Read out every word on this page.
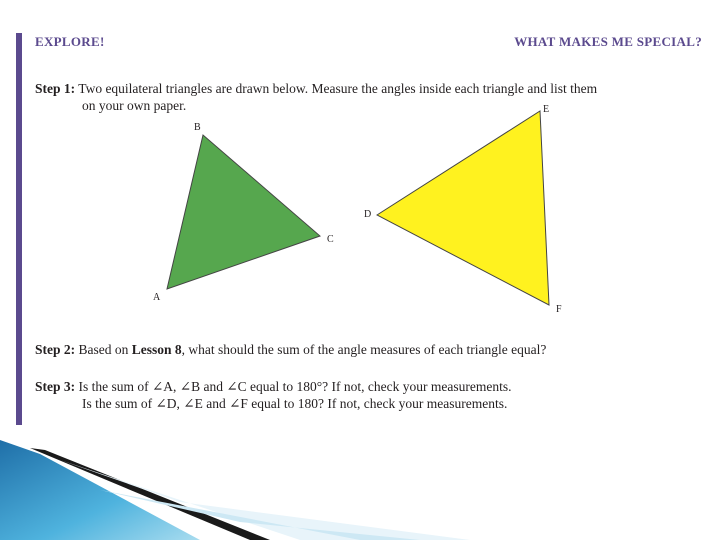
EXPLORE!	WHAT MAKES ME SPECIAL?
Step 1: Two equilateral triangles are drawn below. Measure the angles inside each triangle and list them
on your own paper.
B
C
A
E
D
F
Step 2: Based on Lesson 8, what should the sum of the angle measures of each triangle equal?
Step 3: Is the sum of ∠A, ∠B and ∠C equal to 180°? If not, check your measurements.
Is the sum of ∠D, ∠E and ∠F equal to 180? If not, check your measurements.
